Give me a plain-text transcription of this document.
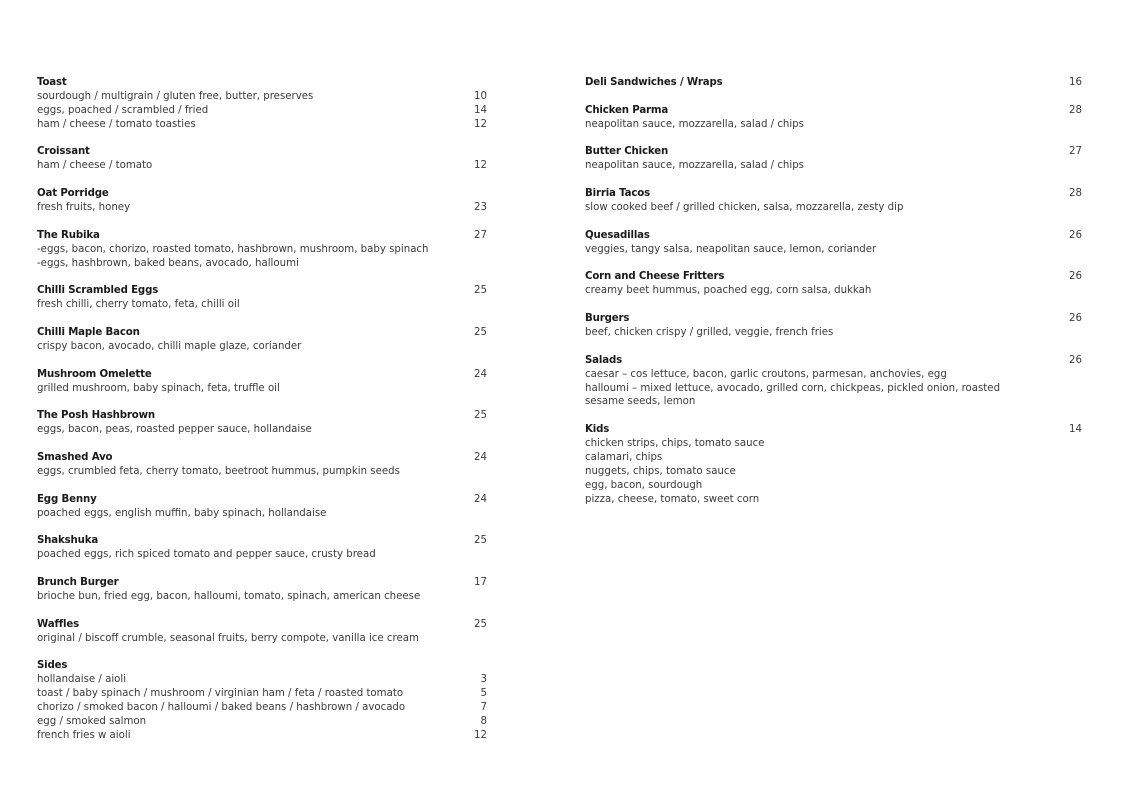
Toast
sourdough / multigrain / gluten free, butter, preserves	10
eggs, poached / scrambled / fried	14
ham / cheese / tomato toasties	12
Croissant
ham / cheese / tomato	12
Oat Porridge
fresh fruits, honey	23
The Rubika	27
-eggs, bacon, chorizo, roasted tomato, hashbrown, mushroom, baby spinach
-eggs, hashbrown, baked beans, avocado, halloumi
Chilli Scrambled Eggs	25
fresh chilli, cherry tomato, feta, chilli oil
Chilli Maple Bacon	25
crispy bacon, avocado, chilli maple glaze, coriander
Mushroom Omelette	24
grilled mushroom, baby spinach, feta, truffle oil
The Posh Hashbrown	25
eggs, bacon, peas, roasted pepper sauce, hollandaise
Smashed Avo	24
eggs, crumbled feta, cherry tomato, beetroot hummus, pumpkin seeds
Egg Benny	24
poached eggs, english muffin, baby spinach, hollandaise
Shakshuka	25
poached eggs, rich spiced tomato and pepper sauce, crusty bread
Brunch Burger	17
brioche bun, fried egg, bacon, halloumi, tomato, spinach, american cheese
Waffles	25
original / biscoff crumble, seasonal fruits, berry compote, vanilla ice cream
Sides
hollandaise / aioli	3
toast / baby spinach / mushroom / virginian ham / feta / roasted tomato	5
chorizo / smoked bacon / halloumi / baked beans / hashbrown / avocado	7
egg / smoked salmon	8
french fries w aioli	12
Deli Sandwiches / Wraps	16
Chicken Parma	28
neapolitan sauce, mozzarella, salad / chips
Butter Chicken	27
neapolitan sauce, mozzarella, salad / chips
Birria Tacos	28
slow cooked beef / grilled chicken, salsa, mozzarella, zesty dip
Quesadillas	26
veggies, tangy salsa, neapolitan sauce, lemon, coriander
Corn and Cheese Fritters	26
creamy beet hummus, poached egg, corn salsa, dukkah
Burgers	26
beef, chicken crispy / grilled, veggie, french fries
Salads	26
caesar – cos lettuce, bacon, garlic croutons, parmesan, anchovies, egg
halloumi – mixed lettuce, avocado, grilled corn, chickpeas, pickled onion, roasted
sesame seeds, lemon
Kids	14
chicken strips, chips, tomato sauce
calamari, chips
nuggets, chips, tomato sauce
egg, bacon, sourdough
pizza, cheese, tomato, sweet corn
